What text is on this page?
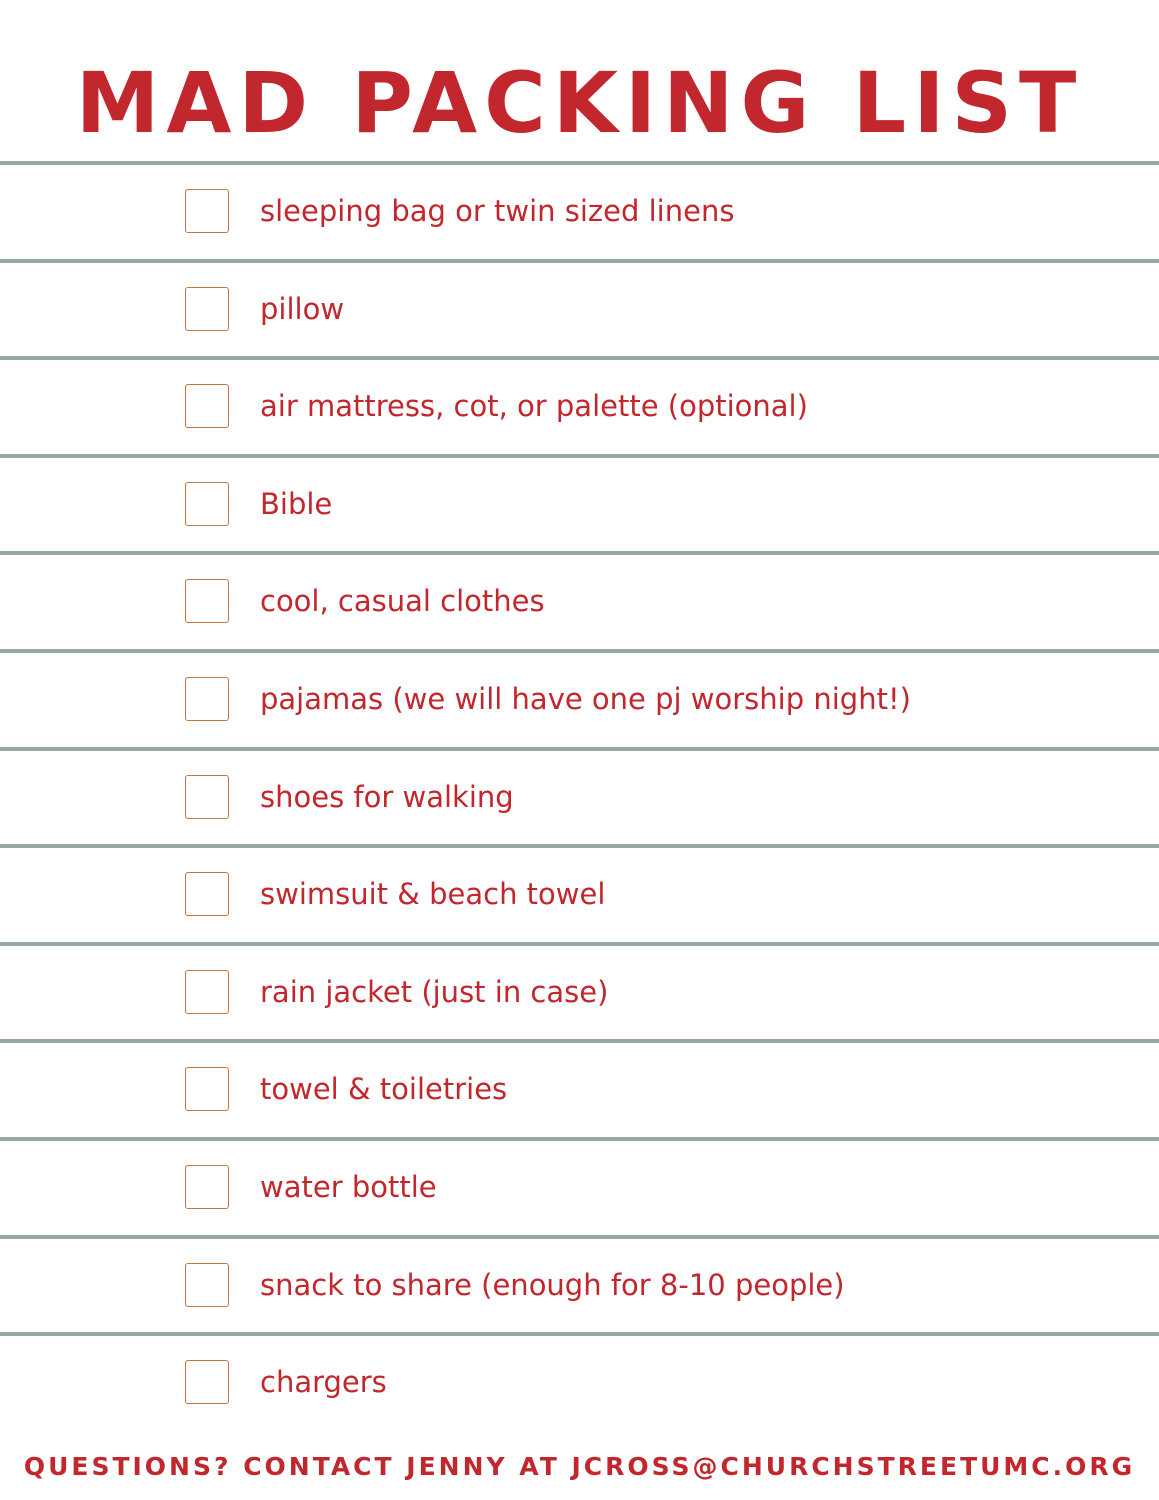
MAD PACKING LIST
sleeping bag or twin sized linens
pillow
air mattress, cot, or palette (optional)
Bible
cool, casual clothes
pajamas (we will have one pj worship night!)
shoes for walking
swimsuit & beach towel
rain jacket (just in case)
towel & toiletries
water bottle
snack to share (enough for 8-10 people)
chargers
QUESTIONS? CONTACT JENNY AT JCROSS@CHURCHSTREETUMC.ORG
